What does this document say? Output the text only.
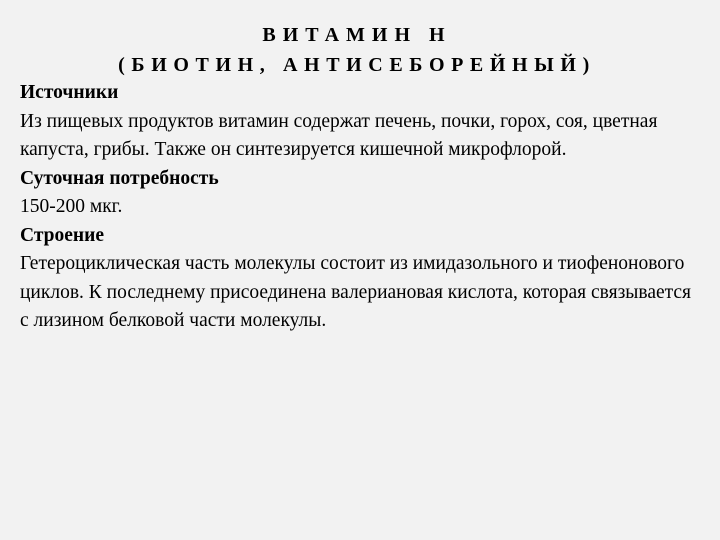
ВИТАМИН Н
(БИОТИН, АНТИСЕБОРЕЙНЫЙ)
Источники
Из пищевых продуктов витамин содержат печень, почки, горох, соя, цветная капуста, грибы. Также он синтезируется кишечной микрофлорой.
Суточная потребность
150-200 мкг.
Строение
Гетероциклическая часть молекулы состоит из имидазольного и тиофенонового циклов. К последнему присоединена валериановая кислота, которая связывается с лизином белковой части молекулы.
